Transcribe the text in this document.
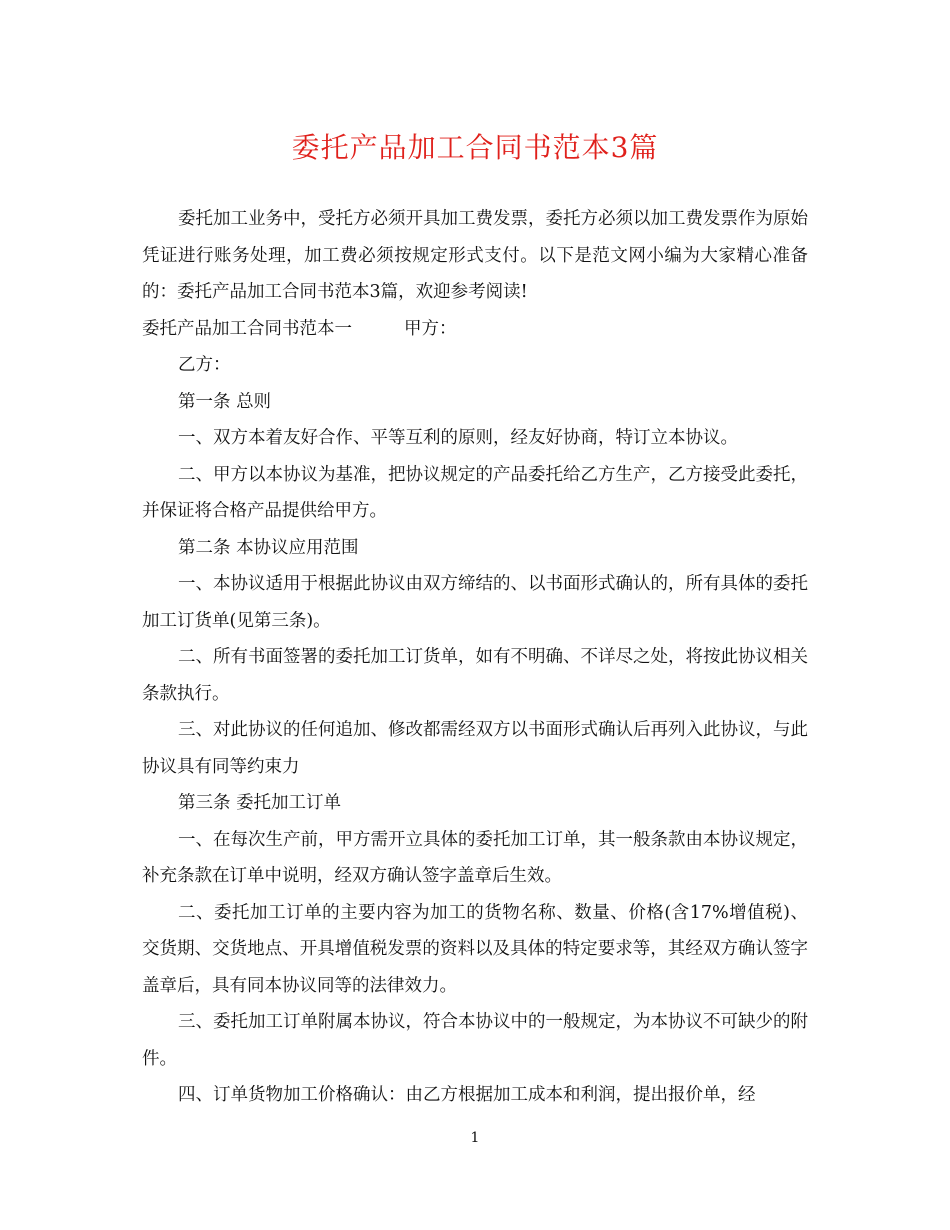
委托产品加工合同书范本3篇

委托加工业务中，受托方必须开具加工费发票，委托方必须以加工费发票作为原始凭证进行账务处理，加工费必须按规定形式支付。以下是范文网小编为大家精心准备的：委托产品加工合同书范本3篇，欢迎参考阅读!

委托产品加工合同书范本一	甲方：

乙方：

第一条 总则

一、双方本着友好合作、平等互利的原则，经友好协商，特订立本协议。

二、甲方以本协议为基准，把协议规定的产品委托给乙方生产，乙方接受此委托，并保证将合格产品提供给甲方。

第二条 本协议应用范围

一、本协议适用于根据此协议由双方缔结的、以书面形式确认的，所有具体的委托加工订货单(见第三条)。

二、所有书面签署的委托加工订货单，如有不明确、不详尽之处，将按此协议相关条款执行。

三、对此协议的任何追加、修改都需经双方以书面形式确认后再列入此协议，与此协议具有同等约束力

第三条 委托加工订单

一、在每次生产前，甲方需开立具体的委托加工订单，其一般条款由本协议规定，补充条款在订单中说明，经双方确认签字盖章后生效。

二、委托加工订单的主要内容为加工的货物名称、数量、价格(含17%增值税)、交货期、交货地点、开具增值税发票的资料以及具体的特定要求等，其经双方确认签字盖章后，具有同本协议同等的法律效力。

三、委托加工订单附属本协议，符合本协议中的一般规定，为本协议不可缺少的附件。

四、订单货物加工价格确认：由乙方根据加工成本和利润，提出报价单，经

1
